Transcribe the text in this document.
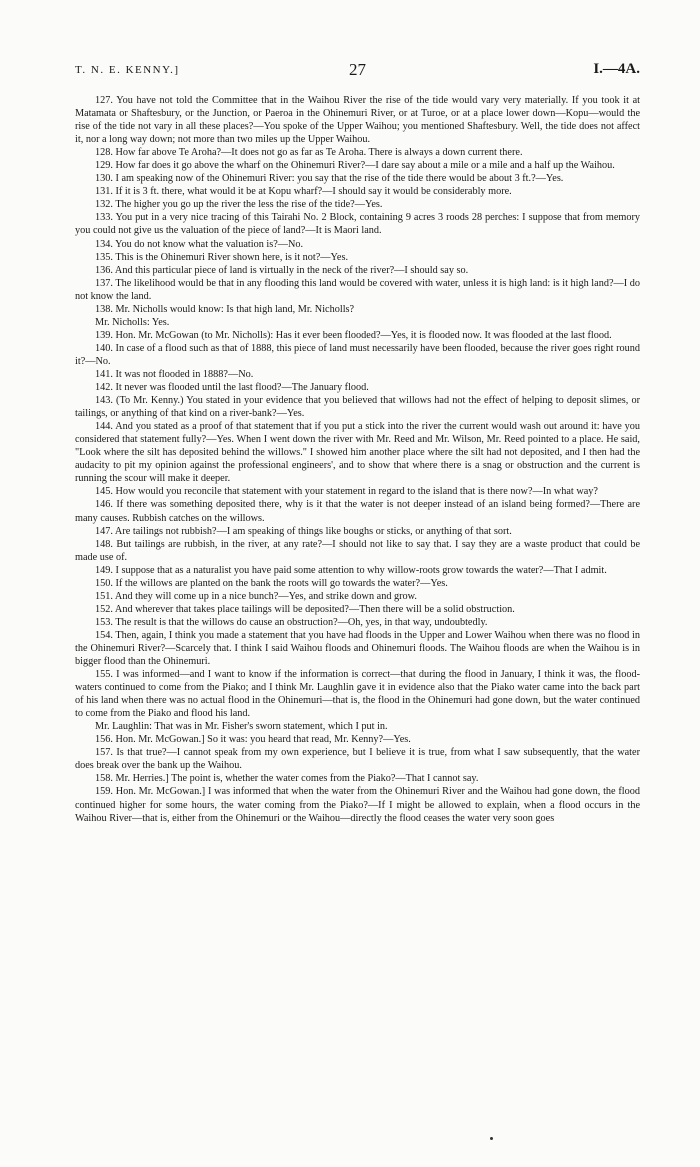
T. N. E. KENNY.]	27	I.—4A.

127. You have not told the Committee that in the Waihou River the rise of the tide would vary very materially. If you took it at Matamata or Shaftesbury, or the Junction, or Paeroa in the Ohinemuri River, or at Turoe, or at a place lower down—Kopu—would the rise of the tide not vary in all these places?—You spoke of the Upper Waihou; you mentioned Shaftesbury. Well, the tide does not affect it, nor a long way down; not more than two miles up the Upper Waihou.

128. How far above Te Aroha?—It does not go as far as Te Aroha. There is always a down current there.

129. How far does it go above the wharf on the Ohinemuri River?—I dare say about a mile or a mile and a half up the Waihou.

130. I am speaking now of the Ohinemuri River: you say that the rise of the tide there would be about 3 ft.?—Yes.

131. If it is 3 ft. there, what would it be at Kopu wharf?—I should say it would be considerably more.

132. The higher you go up the river the less the rise of the tide?—Yes.

133. You put in a very nice tracing of this Tairahi No. 2 Block, containing 9 acres 3 roods 28 perches: I suppose that from memory you could not give us the valuation of the piece of land?—It is Maori land.

134. You do not know what the valuation is?—No.

135. This is the Ohinemuri River shown here, is it not?—Yes.

136. And this particular piece of land is virtually in the neck of the river?—I should say so.

137. The likelihood would be that in any flooding this land would be covered with water, unless it is high land: is it high land?—I do not know the land.

138. Mr. Nicholls would know: Is that high land, Mr. Nicholls?

Mr. Nicholls: Yes.

139. Hon. Mr. McGowan (to Mr. Nicholls): Has it ever been flooded?—Yes, it is flooded now. It was flooded at the last flood.

140. In case of a flood such as that of 1888, this piece of land must necessarily have been flooded, because the river goes right round it?—No.

141. It was not flooded in 1888?—No.

142. It never was flooded until the last flood?—The January flood.

143. (To Mr. Kenny.) You stated in your evidence that you believed that willows had not the effect of helping to deposit slimes, or tailings, or anything of that kind on a river-bank?—Yes.

144. And you stated as a proof of that statement that if you put a stick into the river the current would wash out around it: have you considered that statement fully?—Yes. When I went down the river with Mr. Reed and Mr. Wilson, Mr. Reed pointed to a place. He said, "Look where the silt has deposited behind the willows." I showed him another place where the silt had not deposited, and I then had the audacity to pit my opinion against the professional engineers', and to show that where there is a snag or obstruction and the current is running the scour will make it deeper.

145. How would you reconcile that statement with your statement in regard to the island that is there now?—In what way?

146. If there was something deposited there, why is it that the water is not deeper instead of an island being formed?—There are many causes. Rubbish catches on the willows.

147. Are tailings not rubbish?—I am speaking of things like boughs or sticks, or anything of that sort.

148. But tailings are rubbish, in the river, at any rate?—I should not like to say that. I say they are a waste product that could be made use of.

149. I suppose that as a naturalist you have paid some attention to why willow-roots grow towards the water?—That I admit.

150. If the willows are planted on the bank the roots will go towards the water?—Yes.

151. And they will come up in a nice bunch?—Yes, and strike down and grow.

152. And wherever that takes place tailings will be deposited?—Then there will be a solid obstruction.

153. The result is that the willows do cause an obstruction?—Oh, yes, in that way, undoubtedly.

154. Then, again, I think you made a statement that you have had floods in the Upper and Lower Waihou when there was no flood in the Ohinemuri River?—Scarcely that. I think I said Waihou floods and Ohinemuri floods. The Waihou floods are when the Waihou is in bigger flood than the Ohinemuri.

155. I was informed—and I want to know if the information is correct—that during the flood in January, I think it was, the flood-waters continued to come from the Piako; and I think Mr. Laughlin gave it in evidence also that the Piako water came into the back part of his land when there was no actual flood in the Ohinemuri—that is, the flood in the Ohinemuri had gone down, but the water continued to come from the Piako and flood his land.

Mr. Laughlin: That was in Mr. Fisher's sworn statement, which I put in.

156. Hon. Mr. McGowan.] So it was: you heard that read, Mr. Kenny?—Yes.

157. Is that true?—I cannot speak from my own experience, but I believe it is true, from what I saw subsequently, that the water does break over the bank up the Waihou.

158. Mr. Herries.] The point is, whether the water comes from the Piako?—That I cannot say.

159. Hon. Mr. McGowan.] I was informed that when the water from the Ohinemuri River and the Waihou had gone down, the flood continued higher for some hours, the water coming from the Piako?—If I might be allowed to explain, when a flood occurs in the Waihou River—that is, either from the Ohinemuri or the Waihou—directly the flood ceases the water very soon goes
